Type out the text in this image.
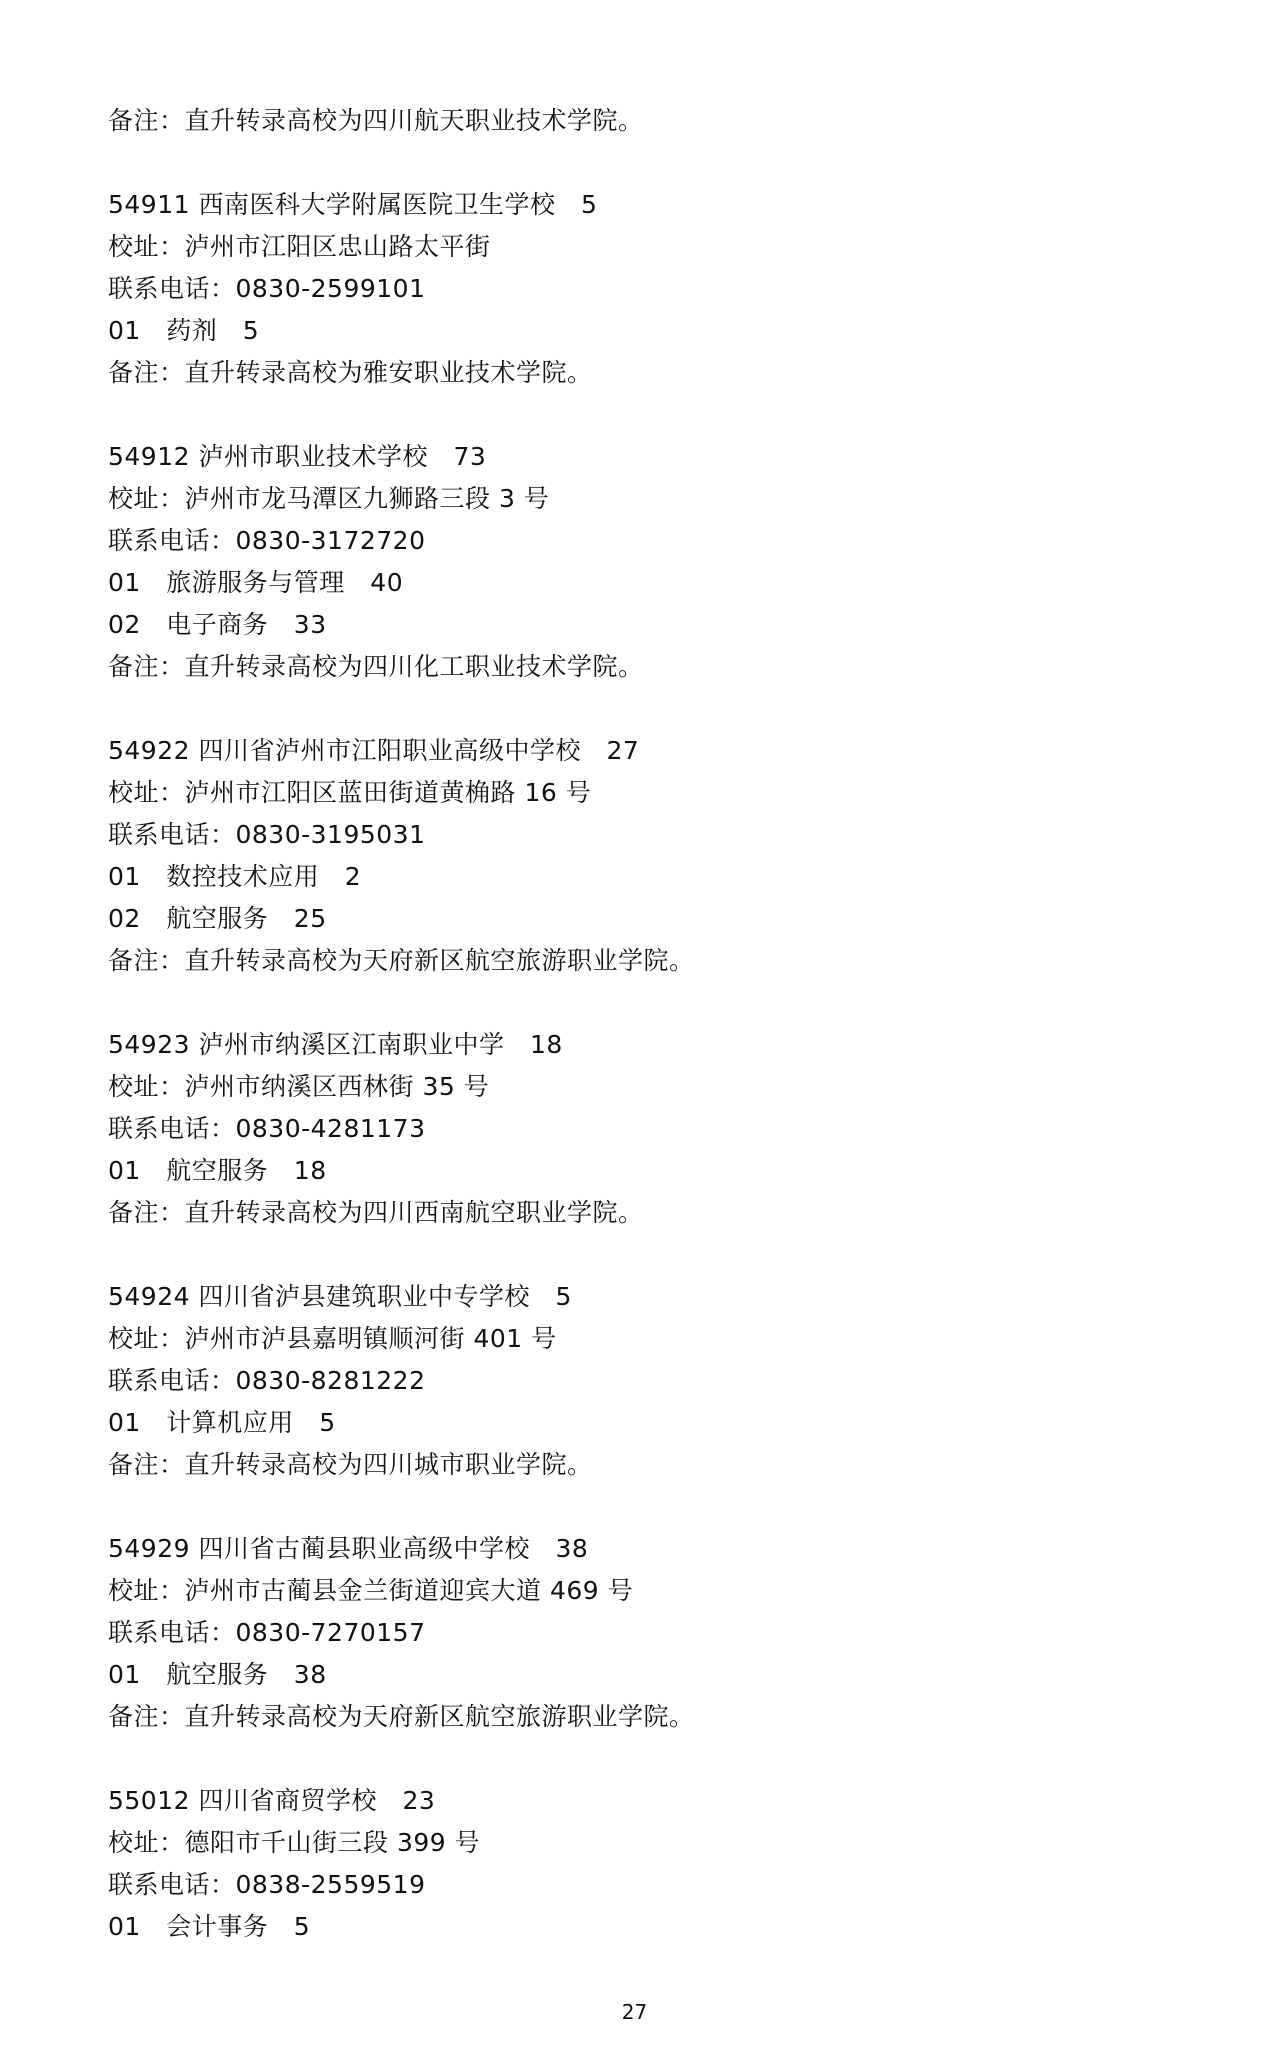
备注：直升转录高校为四川航天职业技术学院。
54911 西南医科大学附属医院卫生学校　5
校址：泸州市江阳区忠山路太平街
联系电话：0830-2599101
01　药剂　5
备注：直升转录高校为雅安职业技术学院。
54912 泸州市职业技术学校　73
校址：泸州市龙马潭区九狮路三段 3 号
联系电话：0830-3172720
01　旅游服务与管理　40
02　电子商务　33
备注：直升转录高校为四川化工职业技术学院。
54922 四川省泸州市江阳职业高级中学校　27
校址：泸州市江阳区蓝田街道黄桷路 16 号
联系电话：0830-3195031
01　数控技术应用　2
02　航空服务　25
备注：直升转录高校为天府新区航空旅游职业学院。
54923 泸州市纳溪区江南职业中学　18
校址：泸州市纳溪区西林街 35 号
联系电话：0830-4281173
01　航空服务　18
备注：直升转录高校为四川西南航空职业学院。
54924 四川省泸县建筑职业中专学校　5
校址：泸州市泸县嘉明镇顺河街 401 号
联系电话：0830-8281222
01　计算机应用　5
备注：直升转录高校为四川城市职业学院。
54929 四川省古蔺县职业高级中学校　38
校址：泸州市古蔺县金兰街道迎宾大道 469 号
联系电话：0830-7270157
01　航空服务　38
备注：直升转录高校为天府新区航空旅游职业学院。
55012 四川省商贸学校　23
校址：德阳市千山街三段 399 号
联系电话：0838-2559519
01　会计事务　5
27
